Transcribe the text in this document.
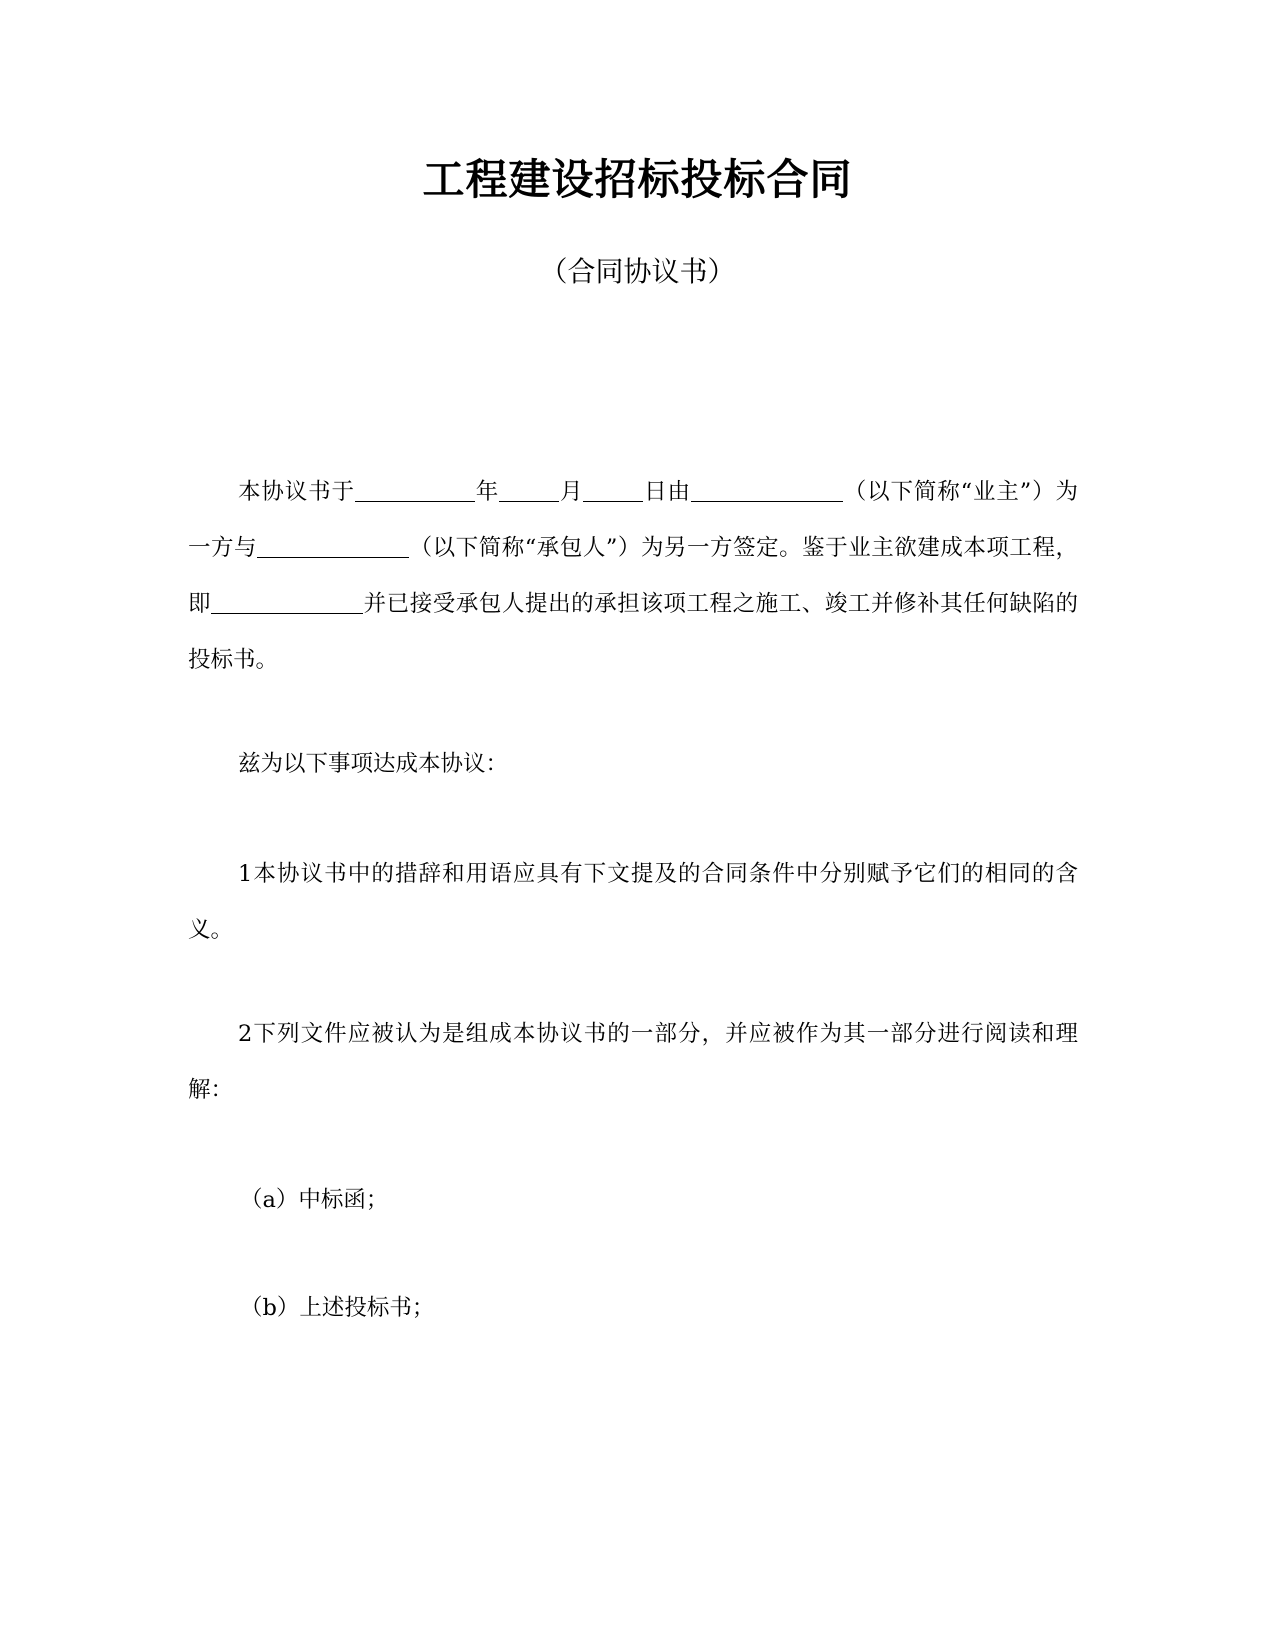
工程建设招标投标合同
（合同协议书）
本协议书于	年	月	日由	（以下简称“业主”）为一方与	（以下简称“承包人”）为另一方签定。鉴于业主欲建成本项工程，即	并已接受承包人提出的承担该项工程之施工、竣工并修补其任何缺陷的投标书。
兹为以下事项达成本协议：
1本协议书中的措辞和用语应具有下文提及的合同条件中分别赋予它们的相同的含义。
2下列文件应被认为是组成本协议书的一部分，并应被作为其一部分进行阅读和理解：
（a）中标函；
（b）上述投标书；
